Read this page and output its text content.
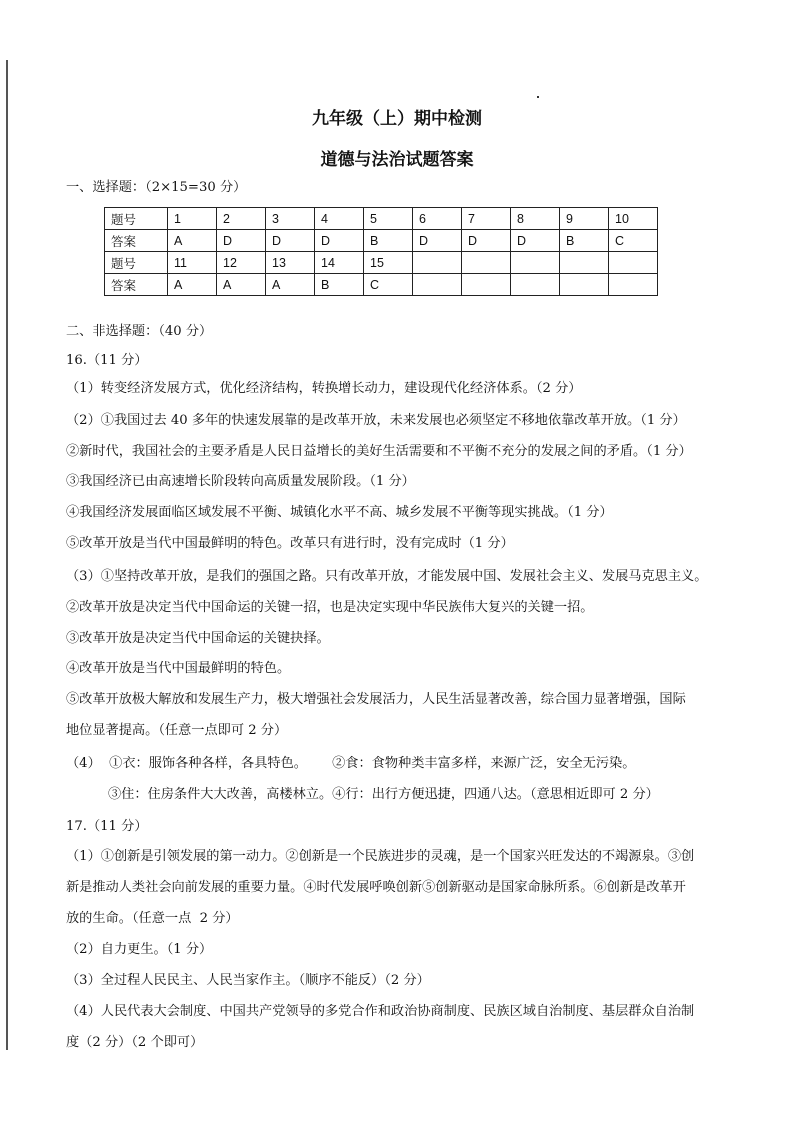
九年级（上）期中检测
道德与法治试题答案
一、选择题：（2×15=30 分）
题号	1	2	3	4	5	6	7	8	9	10
答案	A	D	D	D	B	D	D	D	B	C
题号	11	12	13	14	15					
答案	A	A	A	B	C					
二、非选择题：（40 分）
16.（11 分）
（1）转变经济发展方式，优化经济结构，转换增长动力，建设现代化经济体系。（2 分）
（2）①我国过去 40 多年的快速发展靠的是改革开放，未来发展也必须坚定不移地依靠改革开放。（1 分）
②新时代，我国社会的主要矛盾是人民日益增长的美好生活需要和不平衡不充分的发展之间的矛盾。（1 分）
③我国经济已由高速增长阶段转向高质量发展阶段。（1 分）
④我国经济发展面临区域发展不平衡、城镇化水平不高、城乡发展不平衡等现实挑战。（1 分）
⑤改革开放是当代中国最鲜明的特色。改革只有进行时，没有完成时（1 分）
（3）①坚持改革开放，是我们的强国之路。只有改革开放，才能发展中国、发展社会主义、发展马克思主义。
②改革开放是决定当代中国命运的关键一招，也是决定实现中华民族伟大复兴的关键一招。
③改革开放是决定当代中国命运的关键抉择。
④改革开放是当代中国最鲜明的特色。
⑤改革开放极大解放和发展生产力，极大增强社会发展活力，人民生活显著改善，综合国力显著增强，国际
地位显著提高。（任意一点即可 2 分）
（4）  ①衣：服饰各种各样，各具特色。      ②食：食物种类丰富多样，来源广泛，安全无污染。
③住：住房条件大大改善，高楼林立。④行：出行方便迅捷，四通八达。（意思相近即可 2 分）
17.（11 分）
（1）①创新是引领发展的第一动力。②创新是一个民族进步的灵魂，是一个国家兴旺发达的不竭源泉。③创
新是推动人类社会向前发展的重要力量。④时代发展呼唤创新⑤创新驱动是国家命脉所系。⑥创新是改革开
放的生命。（任意一点  2 分）
（2）自力更生。（1 分）
（3）全过程人民民主、人民当家作主。（顺序不能反）（2 分）
（4）人民代表大会制度、中国共产党领导的多党合作和政治协商制度、民族区域自治制度、基层群众自治制
度（2 分）（2 个即可）
